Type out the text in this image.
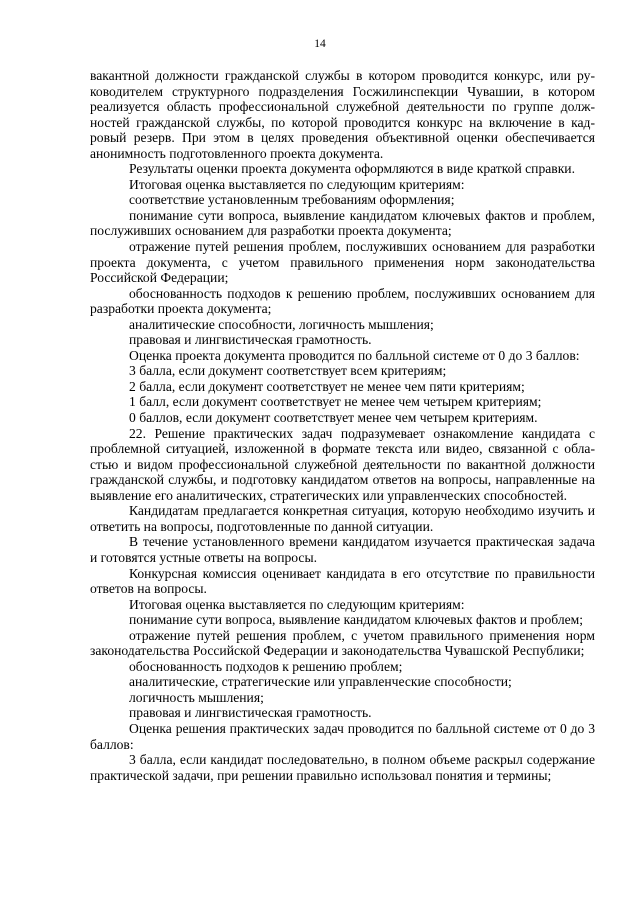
14

вакантной должности гражданской службы в котором проводится конкурс, или руководителем структурного подразделения Госжилинспекции Чувашии, в котором реализуется область профессиональной служебной деятельности по группе должностей гражданской службы, по которой проводится конкурс на включение в кадровый резерв. При этом в целях проведения объективной оценки обеспечивается анонимность подготовленного проекта документа.

Результаты оценки проекта документа оформляются в виде краткой справки.

Итоговая оценка выставляется по следующим критериям:

соответствие установленным требованиям оформления;

понимание сути вопроса, выявление кандидатом ключевых фактов и проблем, послуживших основанием для разработки проекта документа;

отражение путей решения проблем, послуживших основанием для разработки проекта документа, с учетом правильного применения норм законодательства Российской Федерации;

обоснованность подходов к решению проблем, послуживших основанием для разработки проекта документа;

аналитические способности, логичность мышления;

правовая и лингвистическая грамотность.

Оценка проекта документа проводится по балльной системе от 0 до 3 баллов:

3 балла, если документ соответствует всем критериям;

2 балла, если документ соответствует не менее чем пяти критериям;

1 балл, если документ соответствует не менее чем четырем критериям;

0 баллов, если документ соответствует менее чем четырем критериям.

22. Решение практических задач подразумевает ознакомление кандидата с проблемной ситуацией, изложенной в формате текста или видео, связанной с областью и видом профессиональной служебной деятельности по вакантной должности гражданской службы, и подготовку кандидатом ответов на вопросы, направленные на выявление его аналитических, стратегических или управленческих способностей.

Кандидатам предлагается конкретная ситуация, которую необходимо изучить и ответить на вопросы, подготовленные по данной ситуации.

В течение установленного времени кандидатом изучается практическая задача и готовятся устные ответы на вопросы.

Конкурсная комиссия оценивает кандидата в его отсутствие по правильности ответов на вопросы.

Итоговая оценка выставляется по следующим критериям:

понимание сути вопроса, выявление кандидатом ключевых фактов и проблем;

отражение путей решения проблем, с учетом правильного применения норм законодательства Российской Федерации и законодательства Чувашской Республики;

обоснованность подходов к решению проблем;

аналитические, стратегические или управленческие способности;

логичность мышления;

правовая и лингвистическая грамотность.

Оценка решения практических задач проводится по балльной системе от 0 до 3 баллов:

3 балла, если кандидат последовательно, в полном объеме раскрыл содержание практической задачи, при решении правильно использовал понятия и термины;
